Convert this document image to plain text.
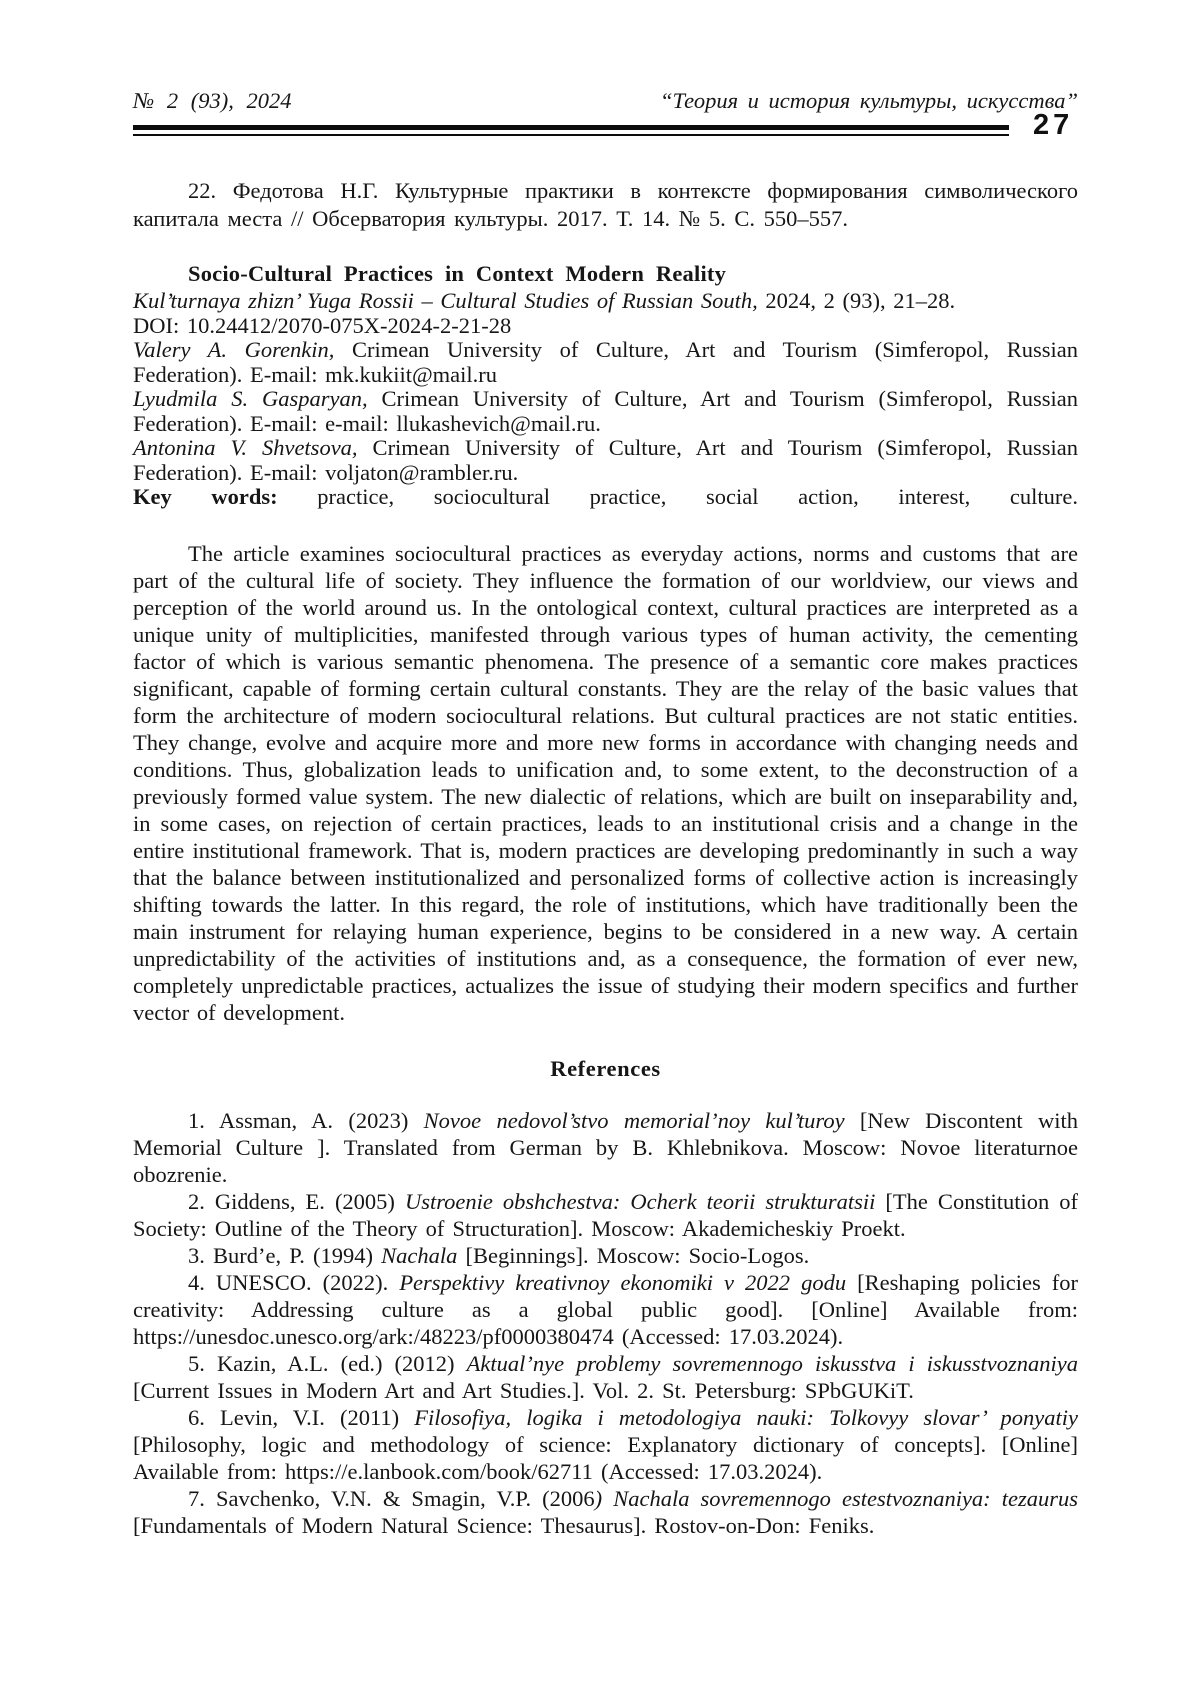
№ 2 (93), 2024	“Теория и история культуры, искусства”
27

22. Федотова Н.Г. Культурные практики в контексте формирования символического капитала места // Обсерватория культуры. 2017. Т. 14. № 5. С. 550–557.

Socio-Cultural Practices in Context Modern Reality

Kul’turnaya zhizn’ Yuga Rossii – Cultural Studies of Russian South, 2024, 2 (93), 21–28.

DOI: 10.24412/2070-075X-2024-2-21-28

Valery A. Gorenkin, Crimean University of Culture, Art and Tourism (Simferopol, Russian Federation). E-mail: mk.kukiit@mail.ru

Lyudmila S. Gasparyan, Crimean University of Culture, Art and Tourism (Simferopol, Russian Federation). E-mail: e-mail: llukashevich@mail.ru.

Antonina V. Shvetsova, Crimean University of Culture, Art and Tourism (Simferopol, Russian Federation). E-mail: voljaton@rambler.ru.

Key words: practice, sociocultural practice, social action, interest, culture.

The article examines sociocultural practices as everyday actions, norms and customs that are part of the cultural life of society. They influence the formation of our worldview, our views and perception of the world around us. In the ontological context, cultural practices are interpreted as a unique unity of multiplicities, manifested through various types of human activity, the cementing factor of which is various semantic phenomena. The presence of a semantic core makes practices significant, capable of forming certain cultural constants. They are the relay of the basic values that form the architecture of modern sociocultural relations. But cultural practices are not static entities. They change, evolve and acquire more and more new forms in accordance with changing needs and conditions. Thus, globalization leads to unification and, to some extent, to the deconstruction of a previously formed value system. The new dialectic of relations, which are built on inseparability and, in some cases, on rejection of certain practices, leads to an institutional crisis and a change in the entire institutional framework. That is, modern practices are developing predominantly in such a way that the balance between institutionalized and personalized forms of collective action is increasingly shifting towards the latter. In this regard, the role of institutions, which have traditionally been the main instrument for relaying human experience, begins to be considered in a new way. A certain unpredictability of the activities of institutions and, as a consequence, the formation of ever new, completely unpredictable practices, actualizes the issue of studying their modern specifics and further vector of development.

References

1. Assman, A. (2023) Novoe nedovol’stvo memorial’noy kul’turoy [New Discontent with Memorial Culture ]. Translated from German by B. Khlebnikova. Moscow: Novoe literaturnoe obozrenie.

2. Giddens, E. (2005) Ustroenie obshchestva: Ocherk teorii strukturatsii [The Constitution of Society: Outline of the Theory of Structuration]. Moscow: Akademicheskiy Proekt.

3. Burd’e, P. (1994) Nachala [Beginnings]. Moscow: Socio-Logos.

4. UNESCO. (2022). Perspektivy kreativnoy ekonomiki v 2022 godu [Reshaping policies for creativity: Addressing culture as a global public good]. [Online] Available from: https://unesdoc.unesco.org/ark:/48223/pf0000380474 (Accessed: 17.03.2024).

5. Kazin, A.L. (ed.) (2012) Aktual’nye problemy sovremennogo iskusstva i iskusstvoznaniya [Current Issues in Modern Art and Art Studies.]. Vol. 2. St. Petersburg: SPbGUKiT.

6. Levin, V.I. (2011) Filosofiya, logika i metodologiya nauki: Tolkovyy slovar’ ponyatiy [Philosophy, logic and methodology of science: Explanatory dictionary of concepts]. [Online] Available from: https://e.lanbook.com/book/62711 (Accessed: 17.03.2024).

7. Savchenko, V.N. & Smagin, V.P. (2006) Nachala sovremennogo estestvoznaniya: tezaurus [Fundamentals of Modern Natural Science: Thesaurus]. Rostov-on-Don: Feniks.
